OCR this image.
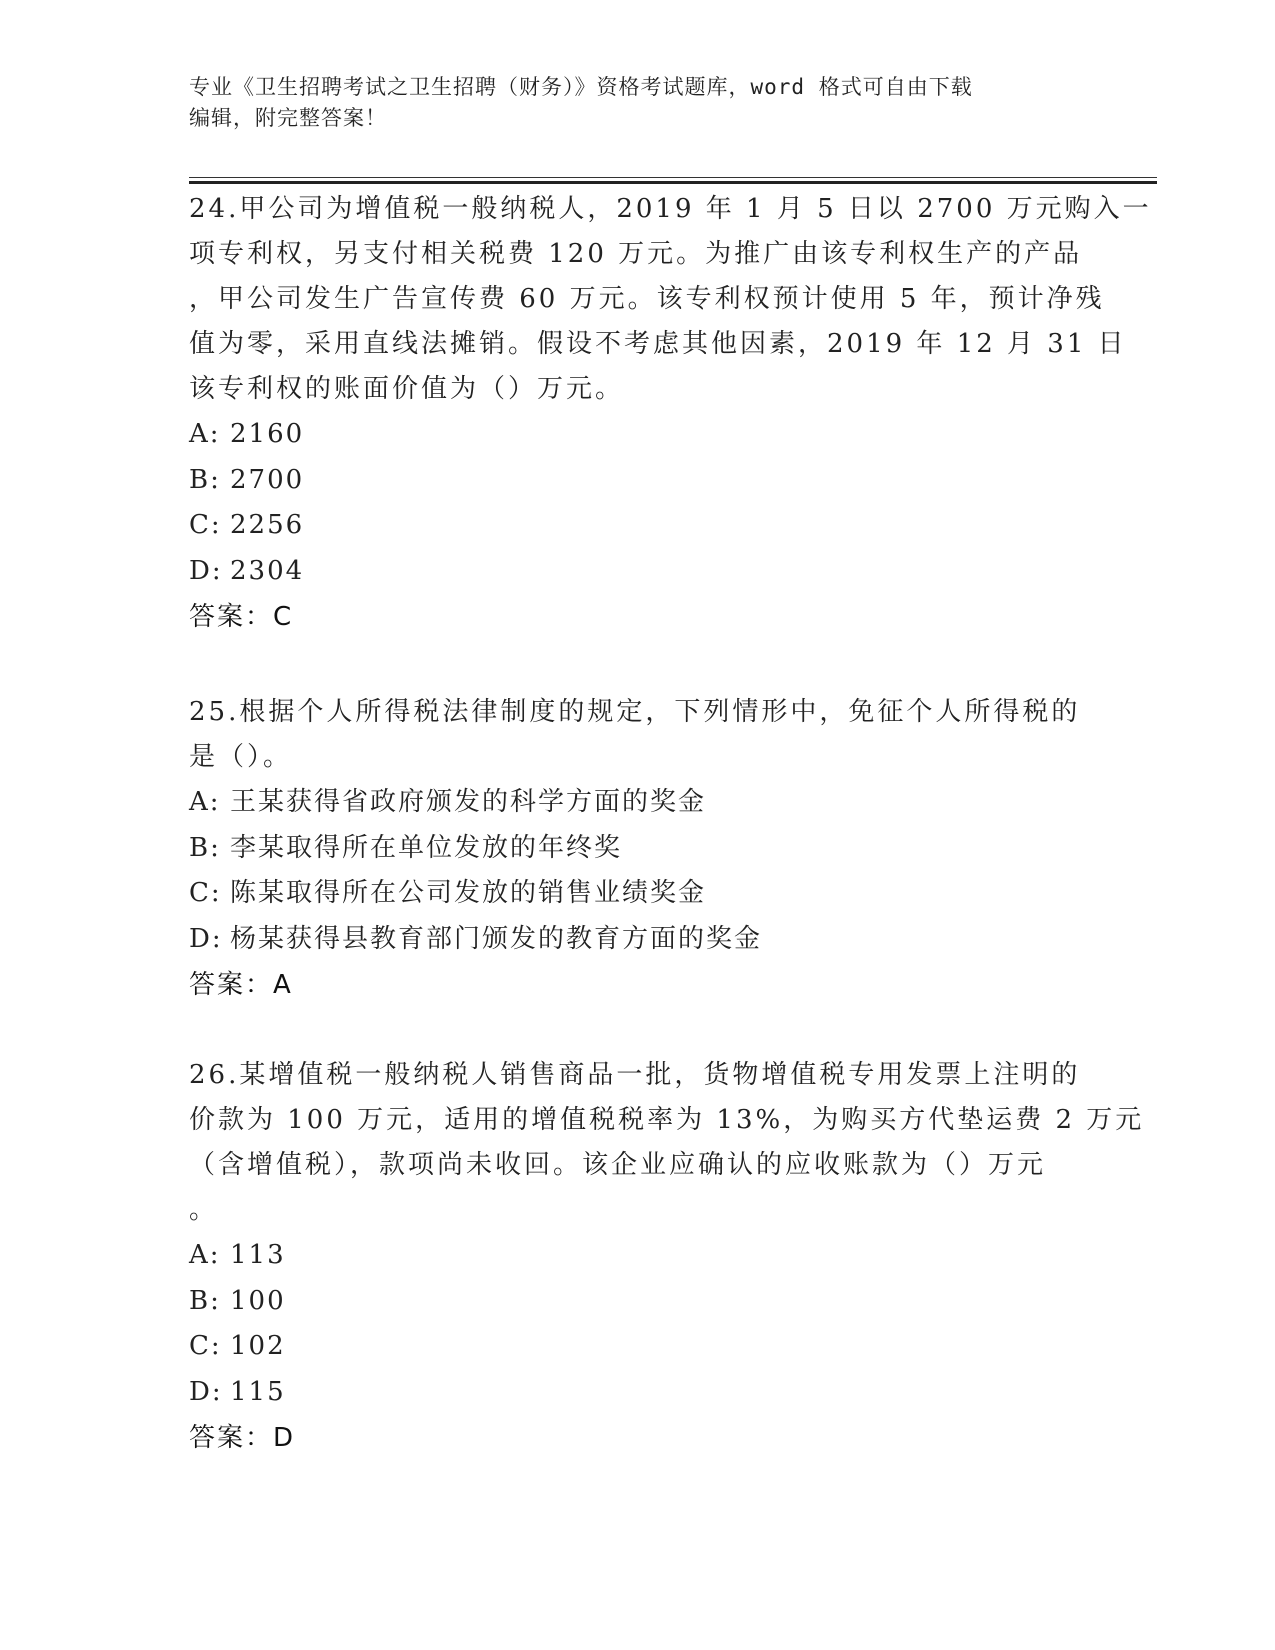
专业《卫生招聘考试之卫生招聘（财务）》资格考试题库，word 格式可自由下载
编辑，附完整答案！
24.甲公司为增值税一般纳税人，2019 年 1 月 5 日以 2700 万元购入一
项专利权，另支付相关税费 120 万元。为推广由该专利权生产的产品
，甲公司发生广告宣传费 60 万元。该专利权预计使用 5 年，预计净残
值为零，采用直线法摊销。假设不考虑其他因素，2019 年 12 月 31 日
该专利权的账面价值为（）万元。
A: 2160
B: 2700
C: 2256
D: 2304
答案：C
25.根据个人所得税法律制度的规定，下列情形中，免征个人所得税的
是（）。
A: 王某获得省政府颁发的科学方面的奖金
B: 李某取得所在单位发放的年终奖
C: 陈某取得所在公司发放的销售业绩奖金
D: 杨某获得县教育部门颁发的教育方面的奖金
答案：A
26.某增值税一般纳税人销售商品一批，货物增值税专用发票上注明的
价款为 100 万元，适用的增值税税率为 13%，为购买方代垫运费 2 万元
（含增值税），款项尚未收回。该企业应确认的应收账款为（）万元
。
A: 113
B: 100
C: 102
D: 115
答案：D
